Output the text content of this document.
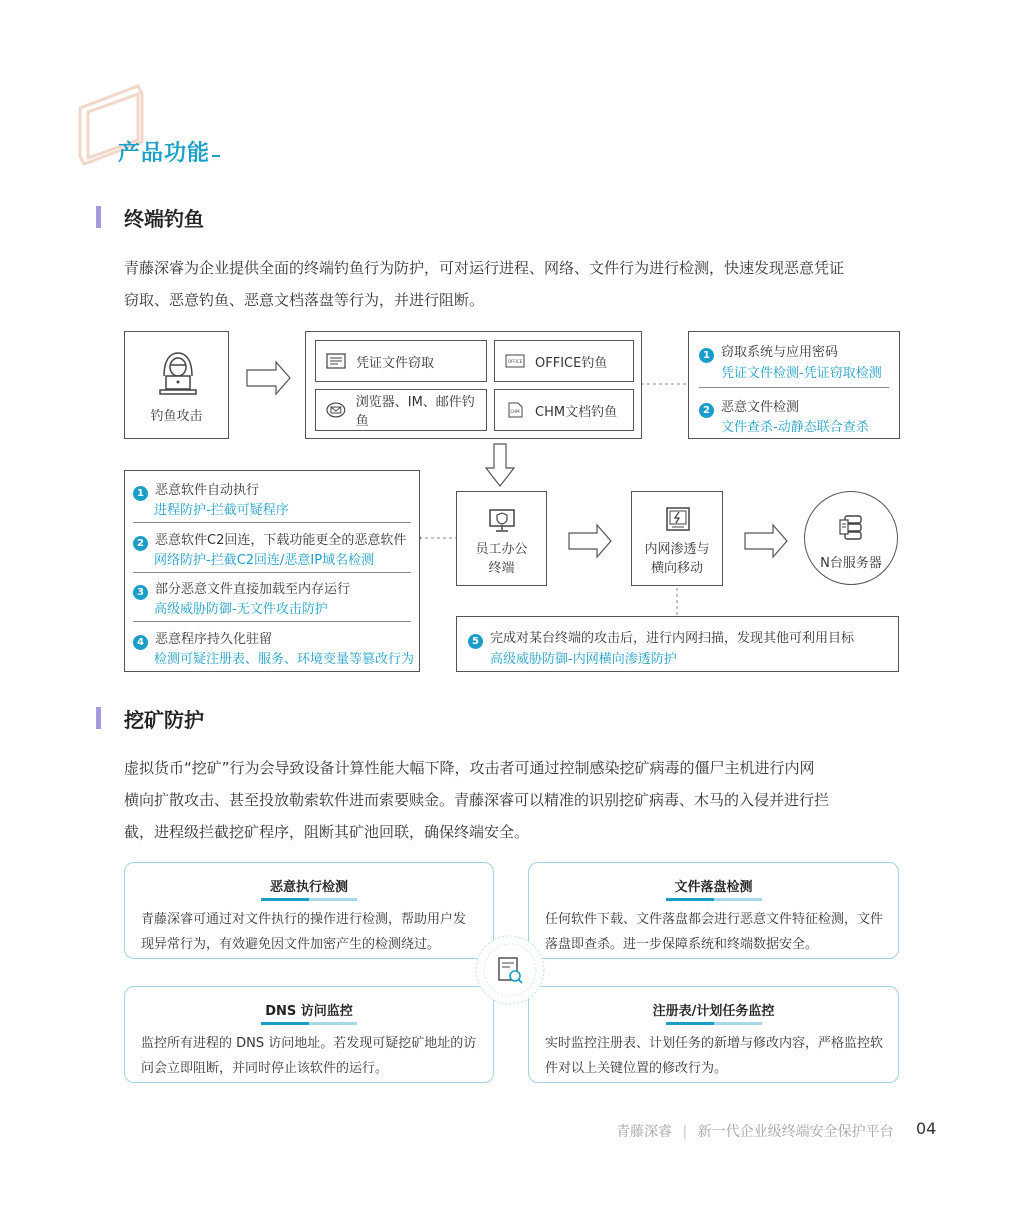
产品功能
终端钓鱼
青藤深睿为企业提供全面的终端钓鱼行为防护，可对运行进程、网络、文件行为进行检测，快速发现恶意凭证
窃取、恶意钓鱼、恶意文档落盘等行为，并进行阻断。
钓鱼攻击
凭证文件窃取	OFFICE OFFICE钓鱼
浏览器、IM、邮件钓鱼
CHM CHM文档钓鱼
1 窃取系统与应用密码
凭证文件检测-凭证窃取检测
2 恶意文件检测
文件查杀-动静态联合查杀
1 恶意软件自动执行
进程防护-拦截可疑程序
2 恶意软件C2回连，下载功能更全的恶意软件
网络防护-拦截C2回连/恶意IP域名检测
3 部分恶意文件直接加载至内存运行
高级威胁防御-无文件攻击防护
4 恶意程序持久化驻留
检测可疑注册表、服务、环境变量等篡改行为
员工办公
终端
内网渗透与
横向移动	N台服务器
5 完成对某台终端的攻击后，进行内网扫描，发现其他可利用目标
高级威胁防御-内网横向渗透防护
挖矿防护
虚拟货币“挖矿”行为会导致设备计算性能大幅下降，攻击者可通过控制感染挖矿病毒的僵尸主机进行内网
横向扩散攻击、甚至投放勒索软件进而索要赎金。青藤深睿可以精准的识别挖矿病毒、木马的入侵并进行拦
截，进程级拦截挖矿程序，阻断其矿池回联，确保终端安全。
恶意执行检测
青藤深睿可通过对文件执行的操作进行检测，帮助用户发
现异常行为，有效避免因文件加密产生的检测绕过。
文件落盘检测
任何软件下载、文件落盘都会进行恶意文件特征检测，文件
落盘即查杀。进一步保障系统和终端数据安全。
DNS 访问监控
监控所有进程的 DNS 访问地址。若发现可疑挖矿地址的访
问会立即阻断，并同时停止该软件的运行。
注册表/计划任务监控
实时监控注册表、计划任务的新增与修改内容，严格监控软
件对以上关键位置的修改行为。
青藤深睿 | 新一代企业级终端安全保护平台 04
